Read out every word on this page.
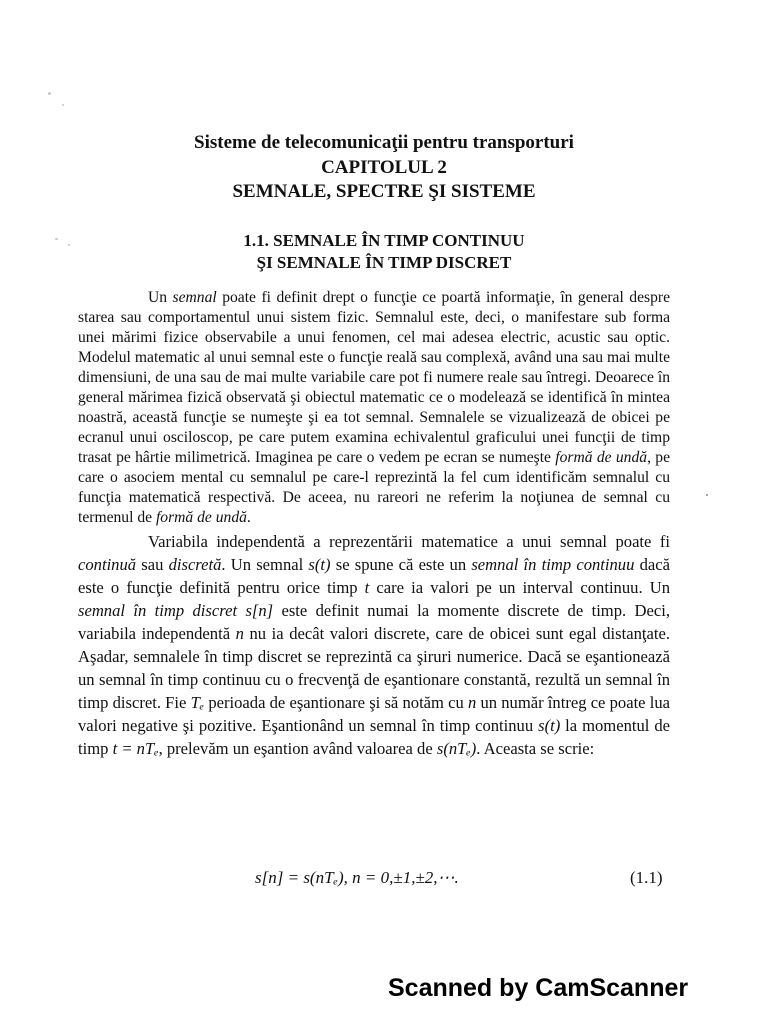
Sisteme de telecomunicaţii pentru transporturi
CAPITOLUL 2
SEMNALE, SPECTRE ŞI SISTEME
1.1. SEMNALE ÎN TIMP CONTINUU
ŞI SEMNALE ÎN TIMP DISCRET

Un semnal poate fi definit drept o funcţie ce poartă informaţie, în general despre starea sau comportamentul unui sistem fizic. Semnalul este, deci, o manifestare sub forma unei mărimi fizice observabile a unui fenomen, cel mai adesea electric, acustic sau optic. Modelul matematic al unui semnal este o funcţie reală sau complexă, având una sau mai multe dimensiuni, de una sau de mai multe variabile care pot fi numere reale sau întregi. Deoarece în general mărimea fizică observată şi obiectul matematic ce o modelează se identifică în mintea noastră, această funcţie se numeşte şi ea tot semnal. Semnalele se vizualizează de obicei pe ecranul unui osciloscop, pe care putem examina echivalentul graficului unei funcţii de timp trasat pe hârtie milimetrică. Imaginea pe care o vedem pe ecran se numeşte formă de undă, pe care o asociem mental cu semnalul pe care-l reprezintă la fel cum identificăm semnalul cu funcţia matematică respectivă. De aceea, nu rareori ne referim la noţiunea de semnal cu termenul de formă de undă.

Variabila independentă a reprezentării matematice a unui semnal poate fi continuă sau discretă. Un semnal s(t) se spune că este un semnal în timp continuu dacă este o funcţie definită pentru orice timp t care ia valori pe un interval continuu. Un semnal în timp discret s[n] este definit numai la momente discrete de timp. Deci, variabila independentă n nu ia decât valori discrete, care de obicei sunt egal distanţate. Aşadar, semnalele în timp discret se reprezintă ca şiruri numerice. Dacă se eşantionează un semnal în timp continuu cu o frecvenţă de eşantionare constantă, rezultă un semnal în timp discret. Fie Tₑ perioada de eşantionare şi să notăm cu n un număr întreg ce poate lua valori negative şi pozitive. Eşantionând un semnal în timp continuu s(t) la momentul de timp t = nTₑ, prelevăm un eşantion având valoarea de s(nTₑ). Aceasta se scrie:

s[n] = s(nTₑ), n = 0,±1,±2,⋯.	(1.1)
Scanned by CamScanner
